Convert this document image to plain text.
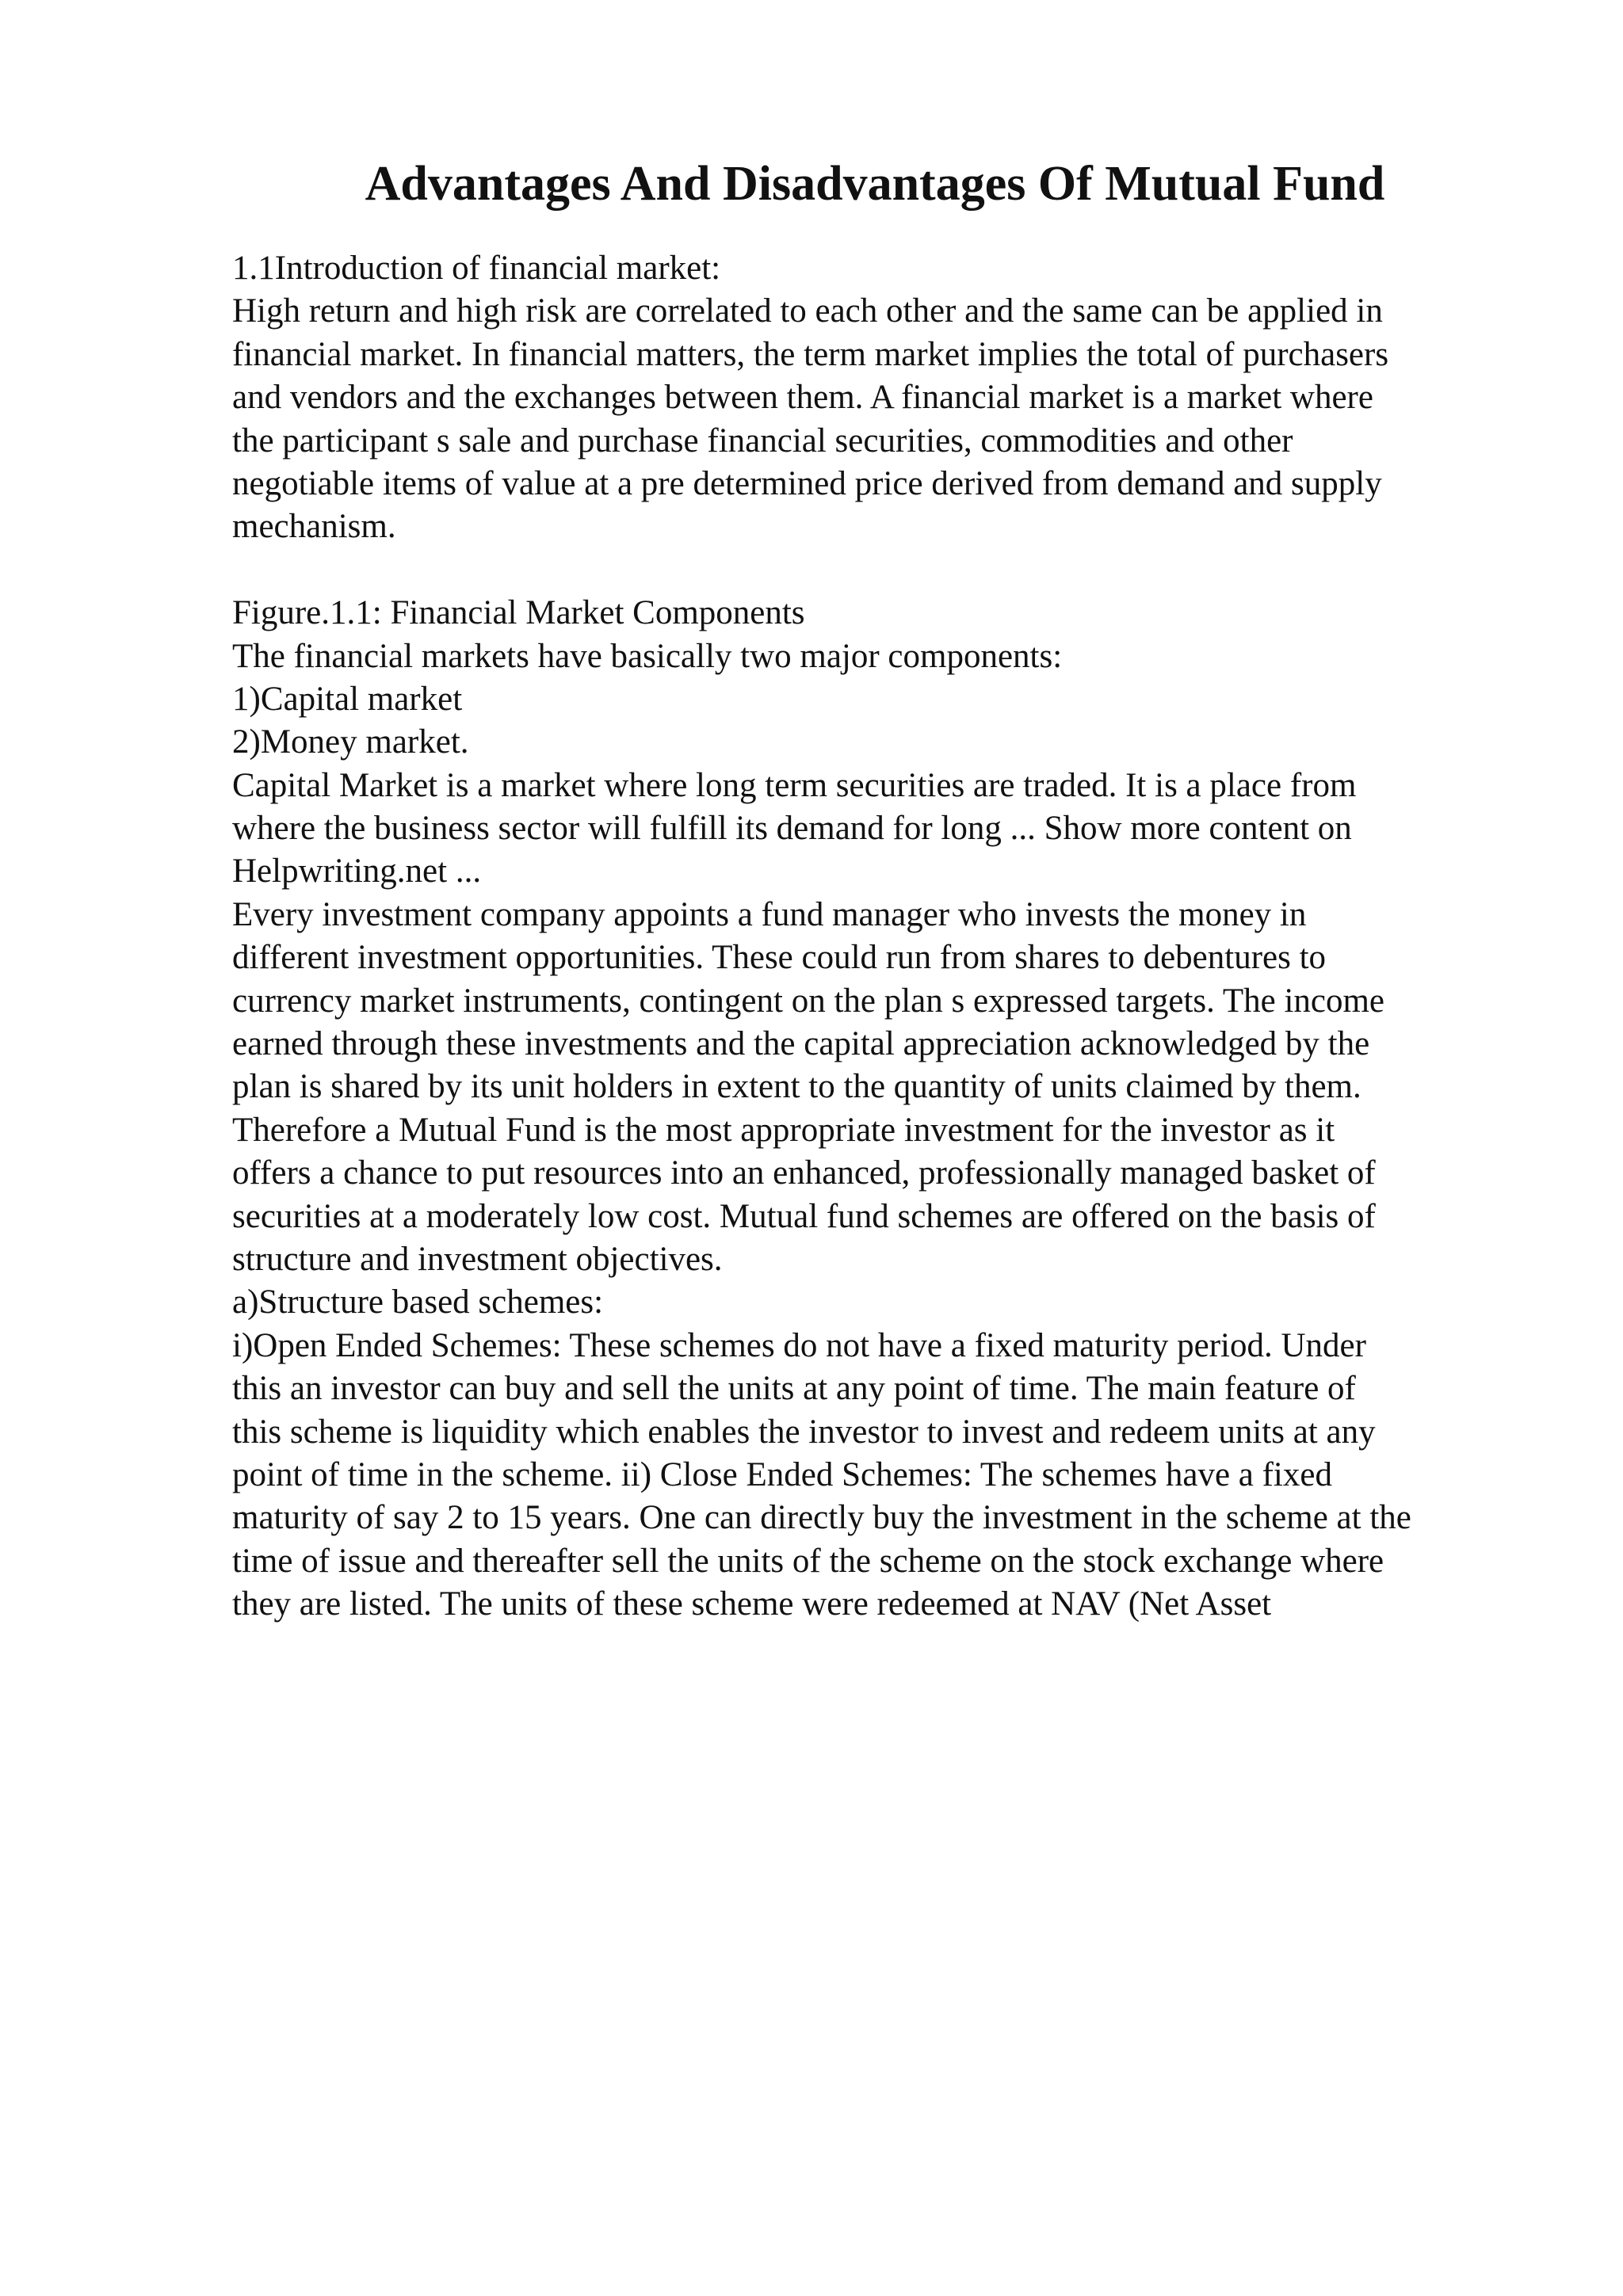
Advantages And Disadvantages Of Mutual Fund
1.1Introduction of financial market:
High return and high risk are correlated to each other and the same can be applied in
financial market. In financial matters, the term market implies the total of purchasers
and vendors and the exchanges between them. A financial market is a market where
the participant s sale and purchase financial securities, commodities and other
negotiable items of value at a pre determined price derived from demand and supply
mechanism.
Figure.1.1: Financial Market Components
The financial markets have basically two major components:
1)Capital market
2)Money market.
Capital Market is a market where long term securities are traded. It is a place from
where the business sector will fulfill its demand for long ... Show more content on
Helpwriting.net ...
Every investment company appoints a fund manager who invests the money in
different investment opportunities. These could run from shares to debentures to
currency market instruments, contingent on the plan s expressed targets. The income
earned through these investments and the capital appreciation acknowledged by the
plan is shared by its unit holders in extent to the quantity of units claimed by them.
Therefore a Mutual Fund is the most appropriate investment for the investor as it
offers a chance to put resources into an enhanced, professionally managed basket of
securities at a moderately low cost. Mutual fund schemes are offered on the basis of
structure and investment objectives.
a)Structure based schemes:
i)Open Ended Schemes: These schemes do not have a fixed maturity period. Under
this an investor can buy and sell the units at any point of time. The main feature of
this scheme is liquidity which enables the investor to invest and redeem units at any
point of time in the scheme. ii) Close Ended Schemes: The schemes have a fixed
maturity of say 2 to 15 years. One can directly buy the investment in the scheme at the
time of issue and thereafter sell the units of the scheme on the stock exchange where
they are listed. The units of these scheme were redeemed at NAV (Net Asset
